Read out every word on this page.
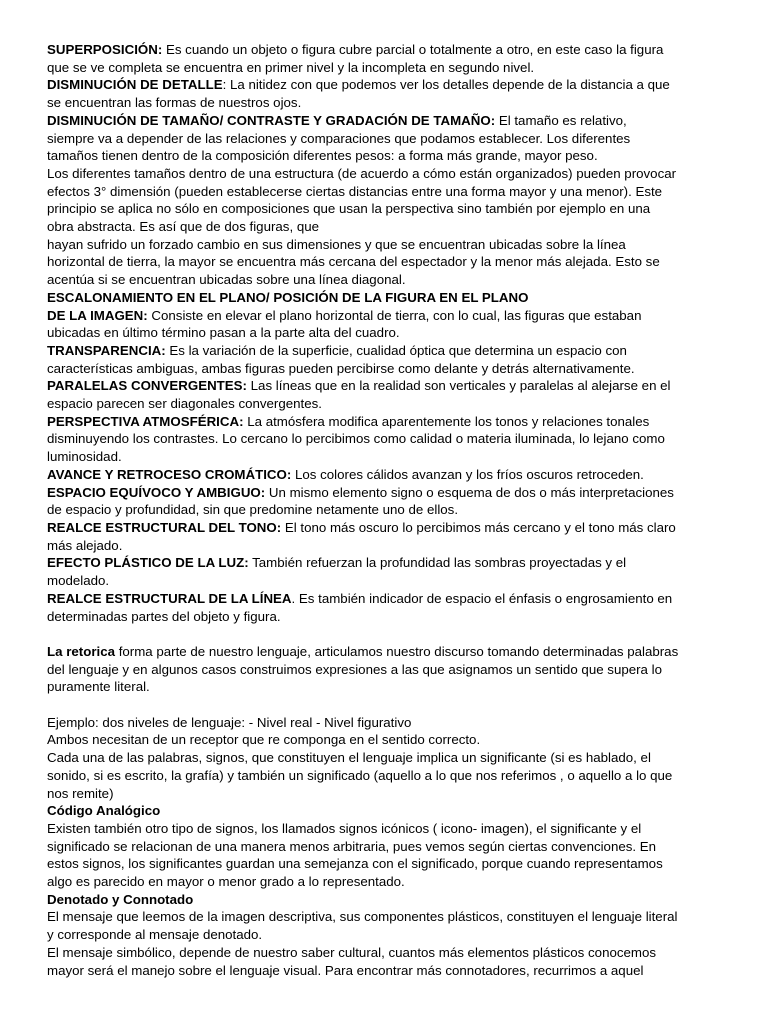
SUPERPOSICIÓN: Es cuando un objeto o figura cubre parcial o totalmente a otro, en este caso la figura
que se ve completa se encuentra en primer nivel y la incompleta en segundo nivel.
DISMINUCIÓN DE DETALLE: La nitidez con que podemos ver los detalles depende de la distancia a que
se encuentran las formas de nuestros ojos.
DISMINUCIÓN DE TAMAÑO/ CONTRASTE Y GRADACIÓN DE TAMAÑO: El tamaño es relativo,
siempre va a depender de las relaciones y comparaciones que podamos establecer. Los diferentes
tamaños tienen dentro de la composición diferentes pesos: a forma más grande, mayor peso.
Los diferentes tamaños dentro de una estructura (de acuerdo a cómo están organizados) pueden provocar
efectos 3° dimensión (pueden establecerse ciertas distancias entre una forma mayor y una menor). Este
principio se aplica no sólo en composiciones que usan la perspectiva sino también por ejemplo en una
obra abstracta. Es así que de dos figuras, que
hayan sufrido un forzado cambio en sus dimensiones y que se encuentran ubicadas sobre la línea
horizontal de tierra, la mayor se encuentra más cercana del espectador y la menor más alejada. Esto se
acentúa si se encuentran ubicadas sobre una línea diagonal.
ESCALONAMIENTO EN EL PLANO/ POSICIÓN DE LA FIGURA EN EL PLANO
DE LA IMAGEN: Consiste en elevar el plano horizontal de tierra, con lo cual, las figuras que estaban
ubicadas en último término pasan a la parte alta del cuadro.
TRANSPARENCIA: Es la variación de la superficie, cualidad óptica que determina un espacio con
características ambiguas, ambas figuras pueden percibirse como delante y detrás alternativamente.
PARALELAS CONVERGENTES: Las líneas que en la realidad son verticales y paralelas al alejarse en el
espacio parecen ser diagonales convergentes.
PERSPECTIVA ATMOSFÉRICA: La atmósfera modifica aparentemente los tonos y relaciones tonales
disminuyendo los contrastes. Lo cercano lo percibimos como calidad o materia iluminada, lo lejano como
luminosidad.
AVANCE Y RETROCESO CROMÁTICO: Los colores cálidos avanzan y los fríos oscuros retroceden.
ESPACIO EQUÍVOCO Y AMBIGUO: Un mismo elemento signo o esquema de dos o más interpretaciones
de espacio y profundidad, sin que predomine netamente uno de ellos.
REALCE ESTRUCTURAL DEL TONO: El tono más oscuro lo percibimos más cercano y el tono más claro
más alejado.
EFECTO PLÁSTICO DE LA LUZ: También refuerzan la profundidad las sombras proyectadas y el
modelado.
REALCE ESTRUCTURAL DE LA LÍNEA. Es también indicador de espacio el énfasis o engrosamiento en
determinadas partes del objeto y figura.
La retorica forma parte de nuestro lenguaje, articulamos nuestro discurso tomando determinadas palabras
del lenguaje y en algunos casos construimos expresiones a las que asignamos un sentido que supera lo
puramente literal.
Ejemplo: dos niveles de lenguaje: - Nivel real - Nivel figurativo
Ambos necesitan de un receptor que re componga en el sentido correcto.
Cada una de las palabras, signos, que constituyen el lenguaje implica un significante (si es hablado, el
sonido, si es escrito, la grafía) y también un significado (aquello a lo que nos referimos , o aquello a lo que
nos remite)
Código Analógico
Existen también otro tipo de signos, los llamados signos icónicos ( icono- imagen), el significante y el
significado se relacionan de una manera menos arbitraria, pues vemos según ciertas convenciones. En
estos signos, los significantes guardan una semejanza con el significado, porque cuando representamos
algo es parecido en mayor o menor grado a lo representado.
Denotado y Connotado
El mensaje que leemos de la imagen descriptiva, sus componentes plásticos, constituyen el lenguaje literal
y corresponde al mensaje denotado.
El mensaje simbólico, depende de nuestro saber cultural, cuantos más elementos plásticos conocemos
mayor será el manejo sobre el lenguaje visual. Para encontrar más connotadores, recurrimos a aquel
